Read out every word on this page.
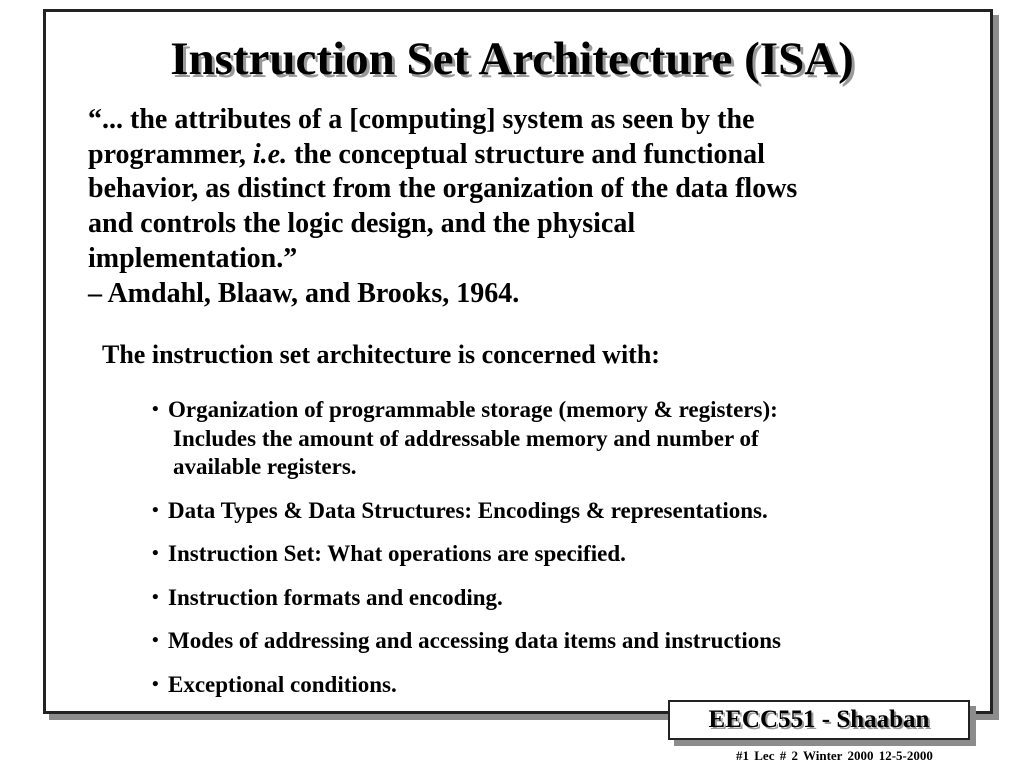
Instruction Set Architecture (ISA)
“... the attributes of a [computing] system as seen by the
programmer, i.e. the conceptual structure and functional
behavior, as distinct from the organization of the data flows
and controls the logic design, and the physical
implementation.”
– Amdahl, Blaaw, and Brooks, 1964.
The instruction set architecture is concerned with:
• Organization of programmable storage (memory & registers):
Includes the amount of addressable memory and number of
available registers.
• Data Types & Data Structures: Encodings & representations.
• Instruction Set: What operations are specified.
• Instruction formats and encoding.
• Modes of addressing and accessing data items and instructions
• Exceptional conditions.
EECC551 - Shaaban
#1 Lec # 2 Winter 2000 12-5-2000
